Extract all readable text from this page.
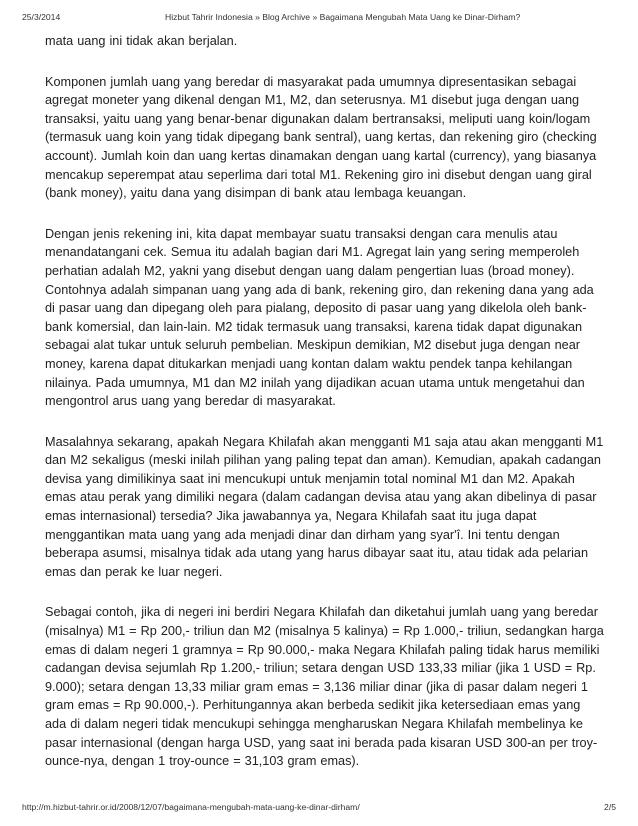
25/3/2014	Hizbut Tahrir Indonesia » Blog Archive » Bagaimana Mengubah Mata Uang ke Dinar-Dirham?

mata uang ini tidak akan berjalan.

Komponen jumlah uang yang beredar di masyarakat pada umumnya dipresentasikan sebagai agregat moneter yang dikenal dengan M1, M2, dan seterusnya. M1 disebut juga dengan uang transaksi, yaitu uang yang benar-benar digunakan dalam bertransaksi, meliputi uang koin/logam (termasuk uang koin yang tidak dipegang bank sentral), uang kertas, dan rekening giro (checking account). Jumlah koin dan uang kertas dinamakan dengan uang kartal (currency), yang biasanya mencakup seperempat atau seperlima dari total M1. Rekening giro ini disebut dengan uang giral (bank money), yaitu dana yang disimpan di bank atau lembaga keuangan.

Dengan jenis rekening ini, kita dapat membayar suatu transaksi dengan cara menulis atau menandatangani cek. Semua itu adalah bagian dari M1. Agregat lain yang sering memperoleh perhatian adalah M2, yakni yang disebut dengan uang dalam pengertian luas (broad money). Contohnya adalah simpanan uang yang ada di bank, rekening giro, dan rekening dana yang ada di pasar uang dan dipegang oleh para pialang, deposito di pasar uang yang dikelola oleh bank-bank komersial, dan lain-lain. M2 tidak termasuk uang transaksi, karena tidak dapat digunakan sebagai alat tukar untuk seluruh pembelian. Meskipun demikian, M2 disebut juga dengan near money, karena dapat ditukarkan menjadi uang kontan dalam waktu pendek tanpa kehilangan nilainya. Pada umumnya, M1 dan M2 inilah yang dijadikan acuan utama untuk mengetahui dan mengontrol arus uang yang beredar di masyarakat.

Masalahnya sekarang, apakah Negara Khilafah akan mengganti M1 saja atau akan mengganti M1 dan M2 sekaligus (meski inilah pilihan yang paling tepat dan aman). Kemudian, apakah cadangan devisa yang dimilikinya saat ini mencukupi untuk menjamin total nominal M1 dan M2. Apakah emas atau perak yang dimiliki negara (dalam cadangan devisa atau yang akan dibelinya di pasar emas internasional) tersedia? Jika jawabannya ya, Negara Khilafah saat itu juga dapat menggantikan mata uang yang ada menjadi dinar dan dirham yang syar'î. Ini tentu dengan beberapa asumsi, misalnya tidak ada utang yang harus dibayar saat itu, atau tidak ada pelarian emas dan perak ke luar negeri.

Sebagai contoh, jika di negeri ini berdiri Negara Khilafah dan diketahui jumlah uang yang beredar (misalnya) M1 = Rp 200,- triliun dan M2 (misalnya 5 kalinya) = Rp 1.000,- triliun, sedangkan harga emas di dalam negeri 1 gramnya = Rp 90.000,- maka Negara Khilafah paling tidak harus memiliki cadangan devisa sejumlah Rp 1.200,- triliun; setara dengan USD 133,33 miliar (jika 1 USD = Rp. 9.000); setara dengan 13,33 miliar gram emas = 3,136 miliar dinar (jika di pasar dalam negeri 1 gram emas = Rp 90.000,-). Perhitungannya akan berbeda sedikit jika ketersediaan emas yang ada di dalam negeri tidak mencukupi sehingga mengharuskan Negara Khilafah membelinya ke pasar internasional (dengan harga USD, yang saat ini berada pada kisaran USD 300-an per troy-ounce-nya, dengan 1 troy-ounce = 31,103 gram emas).

http://m.hizbut-tahrir.or.id/2008/12/07/bagaimana-mengubah-mata-uang-ke-dinar-dirham/	2/5
